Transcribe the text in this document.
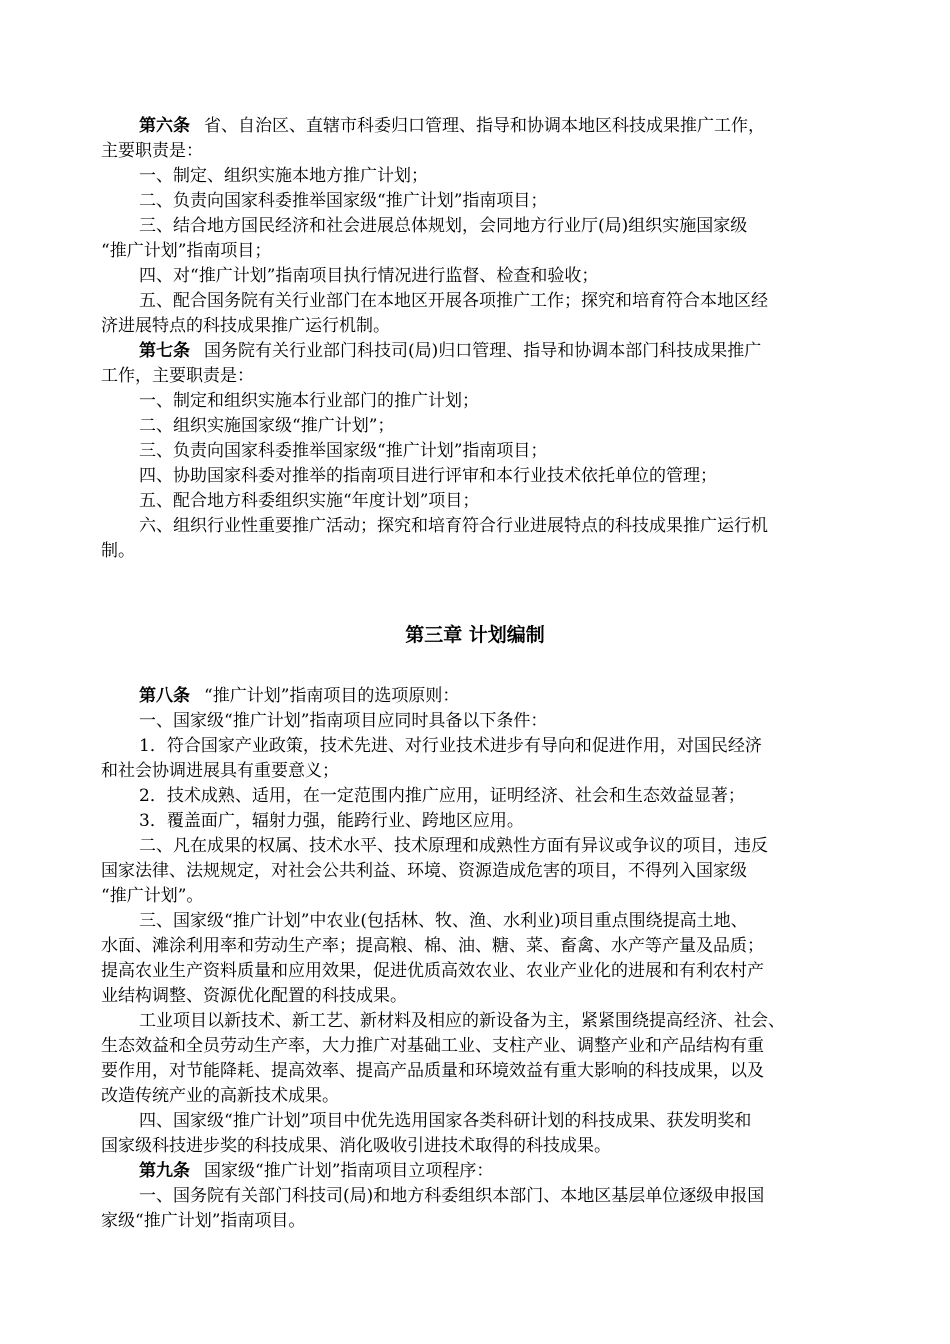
第六条 省、自治区、直辖市科委归口管理、指导和协调本地区科技成果推广工作，
主要职责是：
一、制定、组织实施本地方推广计划；
二、负责向国家科委推举国家级“推广计划”指南项目；
三、结合地方国民经济和社会进展总体规划，会同地方行业厅(局)组织实施国家级
“推广计划”指南项目；
四、对“推广计划”指南项目执行情况进行监督、检查和验收；
五、配合国务院有关行业部门在本地区开展各项推广工作；探究和培育符合本地区经
济进展特点的科技成果推广运行机制。
第七条 国务院有关行业部门科技司(局)归口管理、指导和协调本部门科技成果推广
工作，主要职责是：
一、制定和组织实施本行业部门的推广计划；
二、组织实施国家级“推广计划”；
三、负责向国家科委推举国家级“推广计划”指南项目；
四、协助国家科委对推举的指南项目进行评审和本行业技术依托单位的管理；
五、配合地方科委组织实施“年度计划”项目；
六、组织行业性重要推广活动；探究和培育符合行业进展特点的科技成果推广运行机
制。
第三章 计划编制
第八条 “推广计划”指南项目的选项原则：
一、国家级“推广计划”指南项目应同时具备以下条件：
1．符合国家产业政策，技术先进、对行业技术进步有导向和促进作用，对国民经济
和社会协调进展具有重要意义；
2．技术成熟、适用，在一定范围内推广应用，证明经济、社会和生态效益显著；
3．覆盖面广，辐射力强，能跨行业、跨地区应用。
二、凡在成果的权属、技术水平、技术原理和成熟性方面有异议或争议的项目，违反
国家法律、法规规定，对社会公共利益、环境、资源造成危害的项目，不得列入国家级
“推广计划”。
三、国家级“推广计划”中农业(包括林、牧、渔、水利业)项目重点围绕提高土地、
水面、滩涂利用率和劳动生产率；提高粮、棉、油、糖、菜、畜禽、水产等产量及品质；
提高农业生产资料质量和应用效果，促进优质高效农业、农业产业化的进展和有利农村产
业结构调整、资源优化配置的科技成果。
工业项目以新技术、新工艺、新材料及相应的新设备为主，紧紧围绕提高经济、社会、
生态效益和全员劳动生产率，大力推广对基础工业、支柱产业、调整产业和产品结构有重
要作用，对节能降耗、提高效率、提高产品质量和环境效益有重大影响的科技成果，以及
改造传统产业的高新技术成果。
四、国家级“推广计划”项目中优先选用国家各类科研计划的科技成果、获发明奖和
国家级科技进步奖的科技成果、消化吸收引进技术取得的科技成果。
第九条 国家级“推广计划”指南项目立项程序：
一、国务院有关部门科技司(局)和地方科委组织本部门、本地区基层单位逐级申报国
家级“推广计划”指南项目。
